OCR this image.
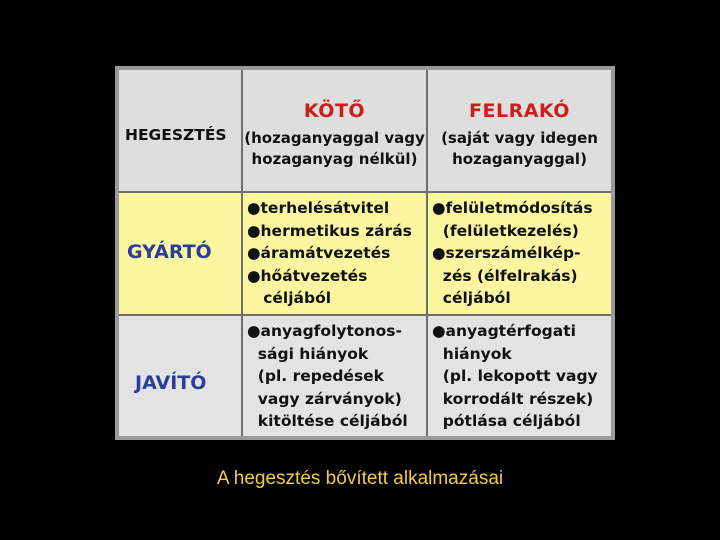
HEGESZTÉS
KÖTŐ
(hozaganyaggal vagy
hozaganyag nélkül)
FELRAKÓ
(saját vagy idegen
hozaganyaggal)
GYÁRTÓ
●terhelésátvitel
●hermetikus zárás
●áramátvezetés
●hőátvezetés
céljából
●felületmódosítás
(felületkezelés)
●szerszámélkép-
zés (élfelrakás)
céljából
JAVÍTÓ
●anyagfolytonos-
sági hiányok
(pl. repedések
vagy zárványok)
kitöltése céljából
●anyagtérfogati
hiányok
(pl. lekopott vagy
korrodált részek)
pótlása céljából
A hegesztés bővített alkalmazásai
